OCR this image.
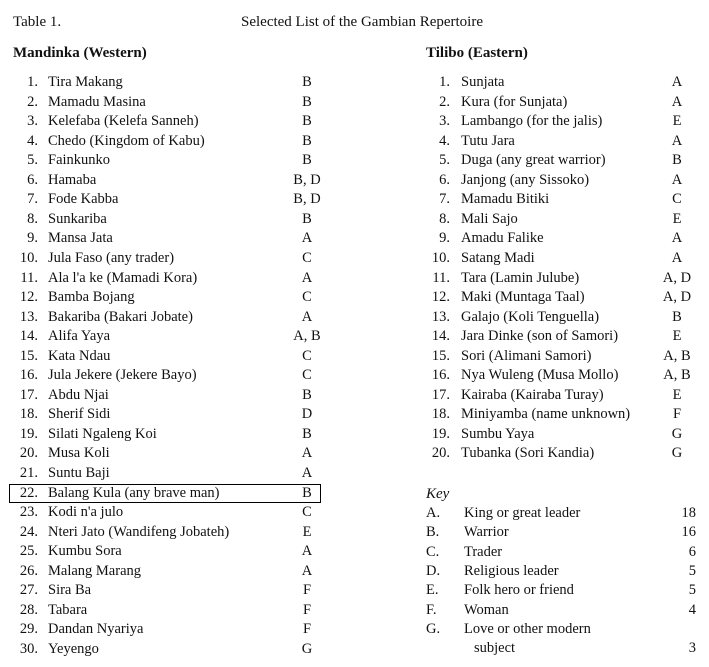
Table 1.	Selected List of the Gambian Repertoire
Mandinka (Western)	Tilibo (Eastern)
1. Tira Makang	B
2. Mamadu Masina	B
3. Kelefaba (Kelefa Sanneh)	B
4. Chedo (Kingdom of Kabu)	B
5. Fainkunko	B
6. Hamaba	B, D
7. Fode Kabba	B, D
8. Sunkariba	B
9. Mansa Jata	A
10. Jula Faso (any trader)	C
11. Ala l'a ke (Mamadi Kora)	A
12. Bamba Bojang	C
13. Bakariba (Bakari Jobate)	A
14. Alifa Yaya	A, B
15. Kata Ndau	C
16. Jula Jekere (Jekere Bayo)	C
17. Abdu Njai	B
18. Sherif Sidi	D
19. Silati Ngaleng Koi	B
20. Musa Koli	A
21. Suntu Baji	A
22. Balang Kula (any brave man)	B
23. Kodi n'a julo	C
24. Nteri Jato (Wandifeng Jobateh)	E
25. Kumbu Sora	A
26. Malang Marang	A
27. Sira Ba	F
28. Tabara	F
29. Dandan Nyariya	F
30. Yeyengo	G
1. Sunjata	A
2. Kura (for Sunjata)	A
3. Lambango (for the jalis)	E
4. Tutu Jara	A
5. Duga (any great warrior)	B
6. Janjong (any Sissoko)	A
7. Mamadu Bitiki	C
8. Mali Sajo	E
9. Amadu Falike	A
10. Satang Madi	A
11. Tara (Lamin Julube)	A, D
12. Maki (Muntaga Taal)	A, D
13. Galajo (Koli Tenguella)	B
14. Jara Dinke (son of Samori)	E
15. Sori (Alimani Samori)	A, B
16. Nya Wuleng (Musa Mollo)	A, B
17. Kairaba (Kairaba Turay)	E
18. Miniyamba (name unknown)	F
19. Sumbu Yaya	G
20. Tubanka (Sori Kandia)	G
Key
A. King or great leader	18
B. Warrior	16
C. Trader	6
D. Religious leader	5
E. Folk hero or friend	5
F. Woman	4
G. Love or other modern
subject	3
